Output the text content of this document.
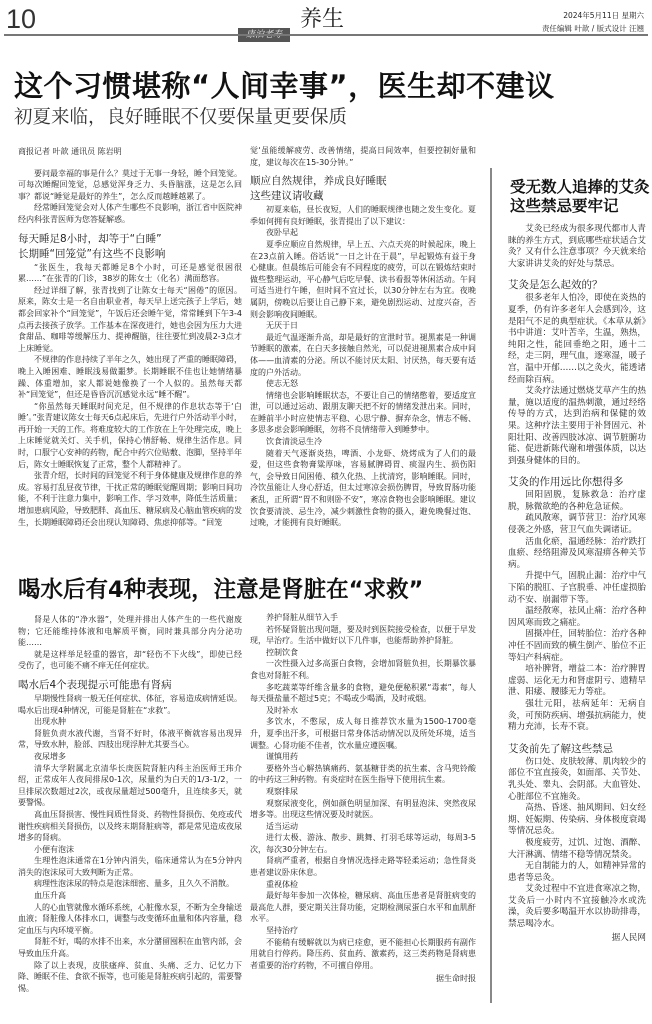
10	养生	2024年5月11日 星期六
责任编辑 叶歆 / 版式设计 汪翘
这个习惯堪称“人间幸事”，医生却不建议
初夏来临，良好睡眠不仅要保量更要保质
商报记者 叶歆 通讯员 陈岩明

要问最幸福的事是什么？莫过于无事一身轻，睡个回笼觉。可每次睡醒回笼觉，总感觉浑身乏力、头昏脑涨，这是怎么回事？都说“睡觉是最好的养生”，怎么反而越睡越累了。

经常睡回笼觉会对人体产生哪些不良影响，浙江省中医院神经内科张青医师为您答疑解惑。

每天睡足8小时，却等于“白睡”
长期睡“回笼觉”有这些不良影响

“张医生，我每天都睡足8个小时，可还是感觉很困很累……”在张青的门诊，38岁的陈女士（化名）满面愁容。

经过详细了解，张青找到了让陈女士每天“困倦”的原因。原来，陈女士是一名自由职业者，每天早上送完孩子上学后，她都会回家补个“回笼觉”，午饭后还会睡午觉，常常睡到下午3-4点再去接孩子放学。工作基本在深夜进行，她也会因为压力大进食甜品、咖啡等缓解压力、提神醒脑，往往要忙到凌晨2-3点才上床睡觉。

不规律的作息持续了半年之久，她出现了严重的睡眠障碍，晚上入睡困难、睡眠浅易做噩梦。长期睡眠不佳也让她情绪暴躁、体重增加，家人都说她像换了一个人似的。虽然每天都补“回笼觉”，但还是昏昏沉沉感觉永远“睡不醒”。

“你虽然每天睡眠时间充足，但不规律的作息状态等于‘白睡’。”张青建议陈女士每天6点起床后，先进行户外活动半小时，再开始一天的工作。将难度较大的工作放在上午处理完成，晚上上床睡觉就关灯、关手机，保持心情舒畅、规律生活作息。同时，口服宁心安神的药物，配合中药穴位贴敷、泡脚，坚持半年后，陈女士睡眠恢复了正常，整个人都精神了。

张青介绍，长时间的回笼觉不利于身体健康及规律作息的养成。容易打乱昼夜节律，干扰正常的睡眠觉醒周期；影响日间功能，不利于注意力集中，影响工作、学习效率，降低生活质量；增加患病风险，导致肥胖、高血压、糖尿病及心脑血管疾病的发生，长期睡眠障碍还会出现认知障碍、焦虑抑郁等。“回笼

觉‘虽能缓解疲劳、改善情绪，提高日间效率，但要控制好量和度，建议每次在15-30分钟。”

顺应自然规律，养成良好睡眠
这些建议请收藏

初夏来临，昼长夜短，人们的睡眠规律也随之发生变化。夏季如何拥有良好睡眠，张青提出了以下建议：

夜卧早起

夏季应顺应自然规律，早上五、六点天亮的时候起床，晚上在23点前入睡。俗话说“一日之计在于晨”，早起锻炼有益于身心健康。但晨练后可能会有不同程度的疲劳，可以在锻炼结束时做些整理运动，平心静气后吃早餐、读书看报等休闲活动。午间可适当进行午睡，但时间不宜过长，以30分钟左右为宜。夜晚属阴，傍晚以后要让自己静下来，避免剧烈运动、过度兴奋，否则会影响夜间睡眠。

无厌于日

最近气温逐渐升高，却是最好的宣泄时节。褪黑素是一种调节睡眠的激素，在白天多接触自然光，可以促进褪黑素合成中间体——血清素的分泌。所以不能讨厌太阳、讨厌热，每天要有适度的户外活动。

使志无怒

情绪也会影响睡眠状态，不要让自己的情绪憋着，要适度宣泄，可以通过运动、跟朋友聊天把不好的情绪发泄出来。同时，在睡前半小时应使情志平稳、心思宁静、摒弃杂念，情志不畅、多思多虑会影响睡眠，勿将不良情绪带入到睡梦中。

饮食清淡忌生冷

随着天气逐渐炎热，啤酒、小龙虾、烧烤成为了人们的最爱，但这些食物膏粱厚味，容易腻脾碍胃、痰湿内生、损伤阳气，会导致日间困倦、積久化热、上扰清窍，影响睡眠。同时，冷饮虽能让人身心舒适，但太过寒凉会损伤脾胃，导致胃肠功能紊乱，正所谓“胃不和则卧不安”，寒凉食物也会影响睡眠。建议饮食要清淡、忌生冷，减少刺激性食物的摄入，避免晚餐过饱、过晚，才能拥有良好睡眠。

喝水后有4种表现，注意是肾脏在“求救”

肾是人体的“净水器”，处理并排出人体产生的一些代谢废物；它还能维持体液和电解质平衡，同时兼具部分内分泌功能……

就是这样举足轻重的器官，却“轻伤不下火线”，即使已经受伤了，也可能不痛不痒无任何症状。

喝水后4个表现提示可能患有肾病

早期慢性肾病一般无任何症状、体征，容易造成病情延误。喝水后出现4种情况，可能是肾脏在“求救”。

出现水肿

肾脏负责水液代谢，当肾不好时，体液平衡就容易出现异常，导致水肿，脸部、四肢出现浮肿尤其要当心。

夜尿增多

清华大学附属北京清华长庚医院肾脏内科主治医师王玮介绍，正常成年人夜间排尿0-1次，尿量约为白天的1/3-1/2，一旦排尿次数超过2次，或夜尿量超过500毫升，且连续多天，就要警惕。

高血压肾损害、慢性间质性肾炎、药物性肾损伤、免疫或代谢性疾病相关肾损伤，以及终末期肾脏病等，都是常见造成夜尿增多的肾病。

小便有泡沫

生理性泡沫通常在1分钟内消失，临床通常认为在5分钟内消失的泡沫尿可大致判断为正常。

病理性泡沫尿的特点是泡沫细密、量多，且久久不消散。

血压升高

人的心血管就像水循环系统，心脏像水泵，不断为全身输送血液；肾脏像人体排水口，调整与改变循环血量和体内容量，稳定血压与内环境平衡。

肾脏不好，喝的水排不出来，水分潴留囤积在血管内部，会导致血压升高。

除了以上表现，皮肤瘙痒、贫血、头痛、乏力、记忆力下降、睡眠不佳、食欲不振等，也可能是肾脏疾病引起的，需要警惕。

养护肾脏从细节入手

若怀疑肾脏出现问题，要及时到医院接受检查，以便于早发现，早治疗。生活中做好以下几件事，也能帮助养护肾脏。

控制饮食

一次性摄入过多高蛋白食物，会增加肾脏负担，长期暴饮暴食也对肾脏不利。

多吃蔬菜等纤维含量多的食物，避免便秘积累“毒素”，每人每天摄盐量不超过5克；不喝或少喝酒，及时戒烟。

及时补水

多饮水，不憋尿，成人每日推荐饮水量为1500-1700毫升，夏季出汗多，可根据日常身体活动情况以及所处环境，适当调整。心肾功能不佳者，饮水量应遵医嘱。

谨慎用药

要格外当心解热镇痛药、氨基糖苷类的抗生素、含马兜铃酸的中药这三种药物。有炎症时在医生指导下使用抗生素。

观察排尿

观察尿液变化，例如颜色明显加深、有明显泡沫、突然夜尿增多等。出现这些情况要及时就医。

适当运动

进行太极、游泳、散步、跳舞、打羽毛球等运动，每周3-5次，每次30分钟左右。

肾病严重者，根据自身情况选择走路等轻柔运动；急性肾炎患者建议卧床休息。

重视体检

最好每年参加一次体检，糖尿病、高血压患者是肾脏病变的最高危人群，要定期关注肾功能，定期检测尿蛋白水平和血肌酐水平。

坚持治疗

不能稍有缓解就以为病已痊愈，更不能担心长期服药有副作用就自行停药。降压药、贫血药、激素药，这三类药物是肾病患者重要的治疗药物，不可擅自停用。

据生命时报

受无数人追捧的艾灸
这些禁忌要牢记

艾灸已经成为很多现代都市人青睐的养生方式，到底哪些症状适合艾灸？又有什么注意事项？今天就来给大家讲讲艾灸的好处与禁忌。

艾灸是怎么起效的？

很多老年人怕冷，即使在炎热的夏季，仍有许多老年人会感到冷，这是阳气不足的典型症状。《本草从新》书中讲道：艾叶苦辛，生温，熟热，纯阳之性，能回垂绝之阳，通十二经，走三阴，理气血，逐寒湿，暖子宫，温中开郁……以之灸火，能透诸经而除百病。

艾灸疗法通过燃烧艾草产生的热量，施以适度的温热刺激，通过经络传导的方式，达到治病和保健的效果。这种疗法主要用于补肾固元、补阳壮阳、改善四肢冰凉、调节脏腑功能、促进新陈代谢和增强体质，以达到强身健体的目的。

艾灸的作用远比你想得多

回阳固脱，复脉救急：治疗虚脱，脉微欲绝的各种危急证候。

疏风散寒，调节营卫：治疗风寒侵袭之外感，营卫气血失调诸证。

活血化瘀，温通经脉：治疗跌打血瘀、经络阻滞及风寒湿痹各种关节病。

升提中气，固脱止漏：治疗中气下陷的脱肛、子宫脱垂、冲任虚损胎动不安、崩漏带下等。

温经散寒，祛风止痛：治疗各种因风寒而致之痛症。

固摄冲任，回转胎位：治疗各种冲任不固而致的横生倒产、胎位不正等妇产科病症。

培补脾肾，增益二本：治疗脾胃虚弱、运化无力和肾虚阴亏、遗精早泄、阳痿、腰膝无力等症。

强壮元阳，祛病延年：无病自灸，可预防疾病、增强抗病能力，使精力充沛，长寿不衰。

艾灸前先了解这些禁忌

伤口处、皮肤较薄、肌肉较少的部位不宜直接灸，如面部、关节处、乳头处、睾丸、会阴部。大血管处、心脏部位不宜施灸。

高热、昏迷、抽风期间、妇女经期、妊娠期、传染病、身体极度衰竭等情况忌灸。

极度疲劳，过饥、过饱、酒醉、大汗淋漓、情绪不稳等情况禁灸。

无自制能力的人，如精神异常的患者等忌灸。

艾灸过程中不宜进食寒凉之物，艾灸后一小时内不宜接触冷水或洗澡，灸后要多喝温开水以协助排毒，禁忌喝冷水。

据人民网
